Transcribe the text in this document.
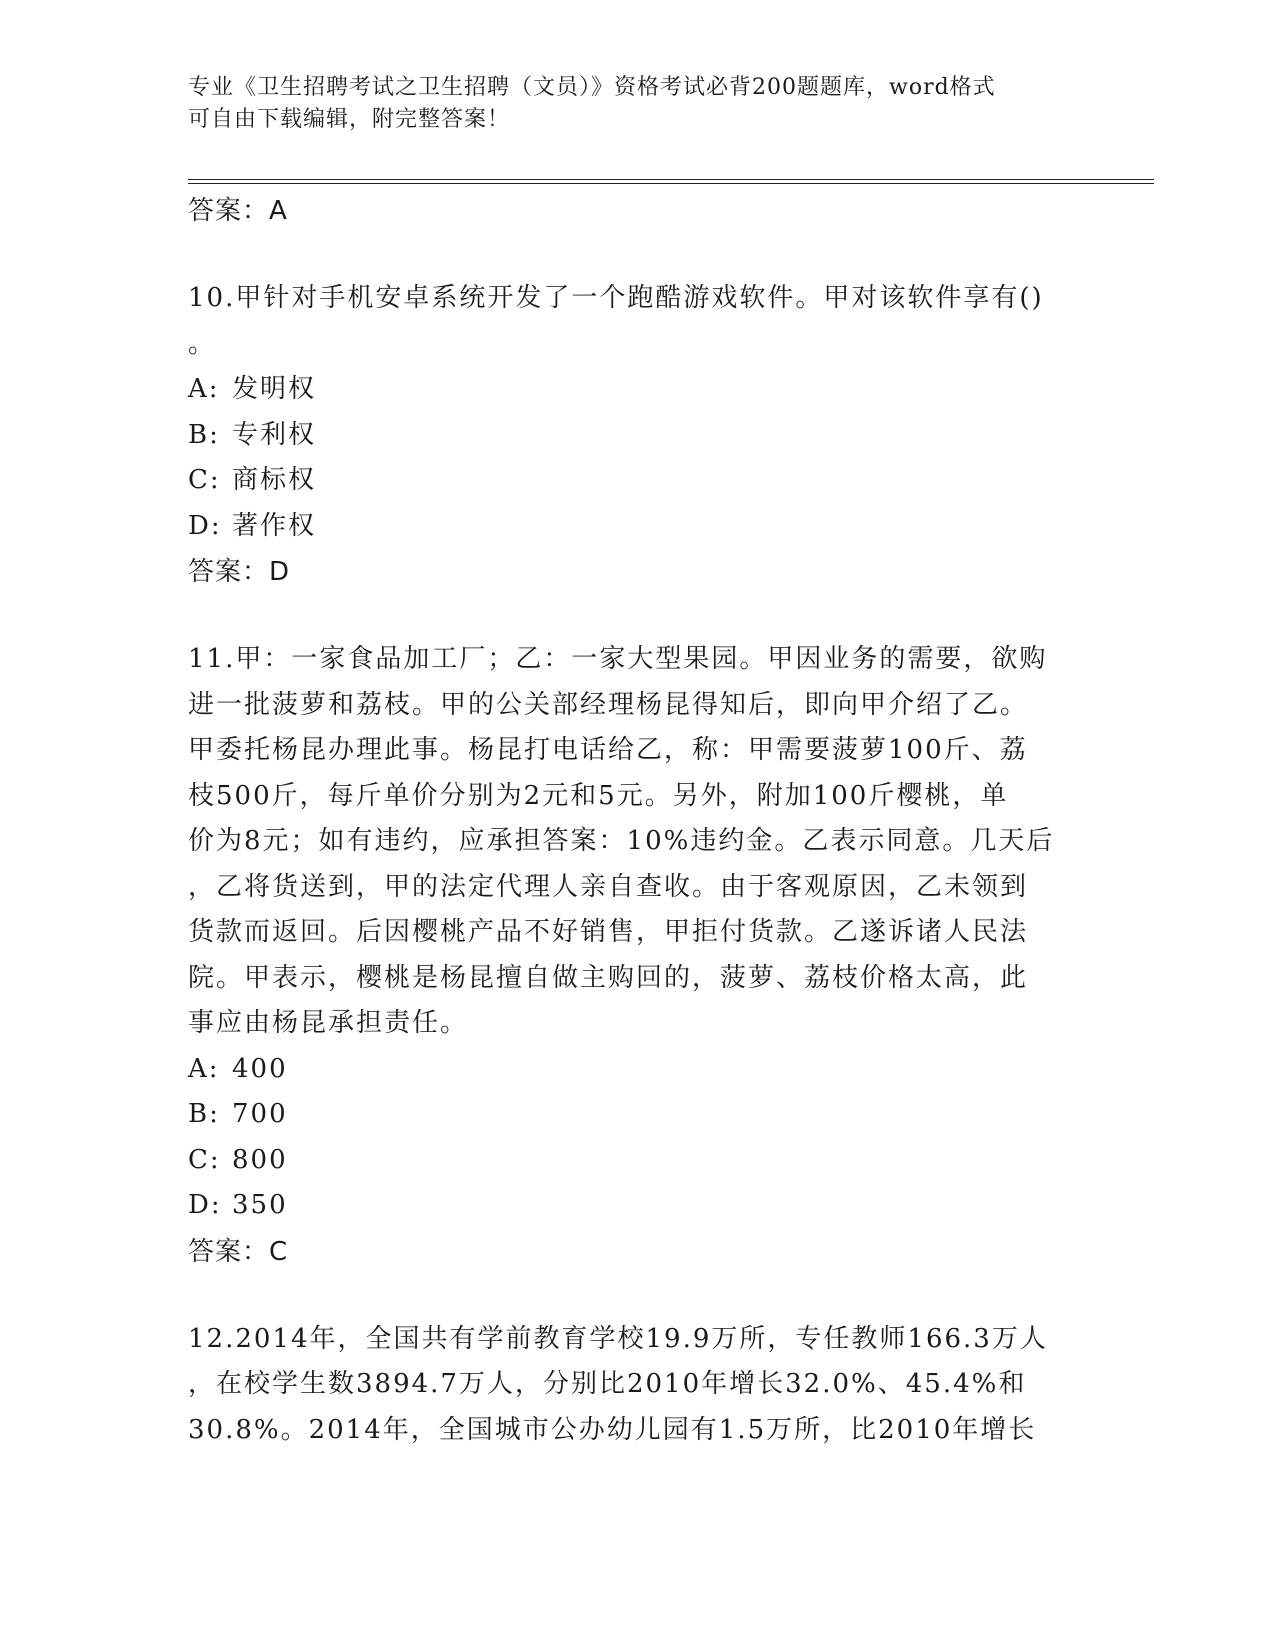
专业《卫生招聘考试之卫生招聘（文员）》资格考试必背200题题库，word格式
可自由下载编辑，附完整答案！
答案：A
10.甲针对手机安卓系统开发了一个跑酷游戏软件。甲对该软件享有()
。
A: 发明权
B: 专利权
C: 商标权
D: 著作权
答案：D
11.甲：一家食品加工厂；乙：一家大型果园。甲因业务的需要，欲购
进一批菠萝和荔枝。甲的公关部经理杨昆得知后，即向甲介绍了乙。
甲委托杨昆办理此事。杨昆打电话给乙，称：甲需要菠萝100斤、荔
枝500斤，每斤单价分别为2元和5元。另外，附加100斤樱桃，单
价为8元；如有违约，应承担答案：10%违约金。乙表示同意。几天后
，乙将货送到，甲的法定代理人亲自查收。由于客观原因，乙未领到
货款而返回。后因樱桃产品不好销售，甲拒付货款。乙遂诉诸人民法
院。甲表示，樱桃是杨昆擅自做主购回的，菠萝、荔枝价格太高，此
事应由杨昆承担责任。
A: 400
B: 700
C: 800
D: 350
答案：C
12.2014年，全国共有学前教育学校19.9万所，专任教师166.3万人
，在校学生数3894.7万人，分别比2010年增长32.0%、45.4%和
30.8%。2014年，全国城市公办幼儿园有1.5万所，比2010年增长
